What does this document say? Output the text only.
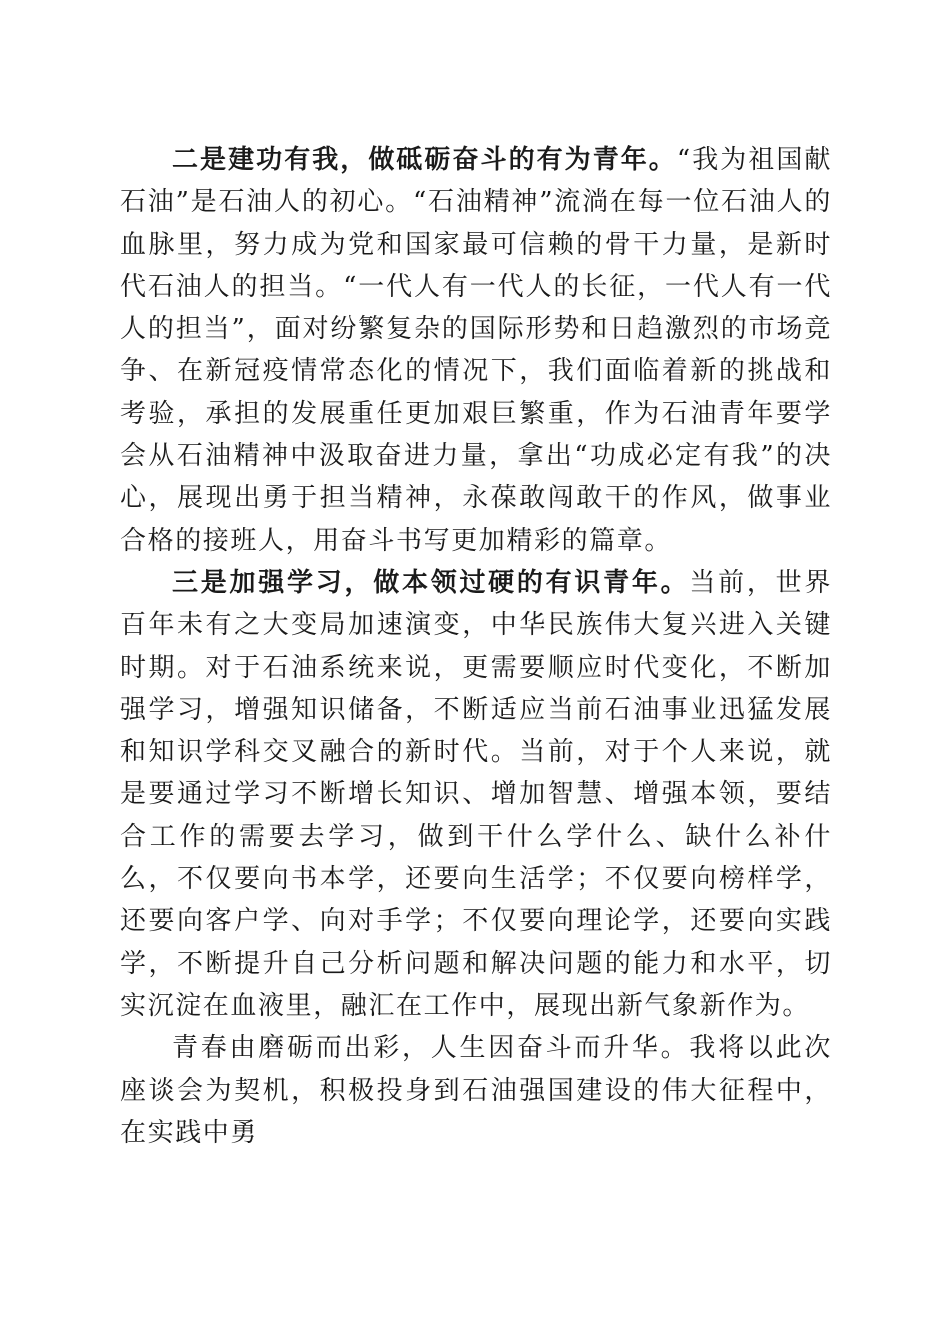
二是建功有我，做砥砺奋斗的有为青年。“我为祖国献石油”是石油人的初心。“石油精神”流淌在每一位石油人的血脉里，努力成为党和国家最可信赖的骨干力量，是新时代石油人的担当。“一代人有一代人的长征，一代人有一代人的担当”，面对纷繁复杂的国际形势和日趋激烈的市场竞争、在新冠疫情常态化的情况下，我们面临着新的挑战和考验，承担的发展重任更加艰巨繁重，作为石油青年要学会从石油精神中汲取奋进力量，拿出“功成必定有我”的决心，展现出勇于担当精神，永葆敢闯敢干的作风，做事业合格的接班人，用奋斗书写更加精彩的篇章。

三是加强学习，做本领过硬的有识青年。当前，世界百年未有之大变局加速演变，中华民族伟大复兴进入关键时期。对于石油系统来说，更需要顺应时代变化，不断加强学习，增强知识储备，不断适应当前石油事业迅猛发展和知识学科交叉融合的新时代。当前，对于个人来说，就是要通过学习不断增长知识、增加智慧、增强本领，要结合工作的需要去学习，做到干什么学什么、缺什么补什么，不仅要向书本学，还要向生活学；不仅要向榜样学，还要向客户学、向对手学；不仅要向理论学，还要向实践学，不断提升自己分析问题和解决问题的能力和水平，切实沉淀在血液里，融汇在工作中，展现出新气象新作为。

青春由磨砺而出彩，人生因奋斗而升华。我将以此次座谈会为契机，积极投身到石油强国建设的伟大征程中，在实践中勇
